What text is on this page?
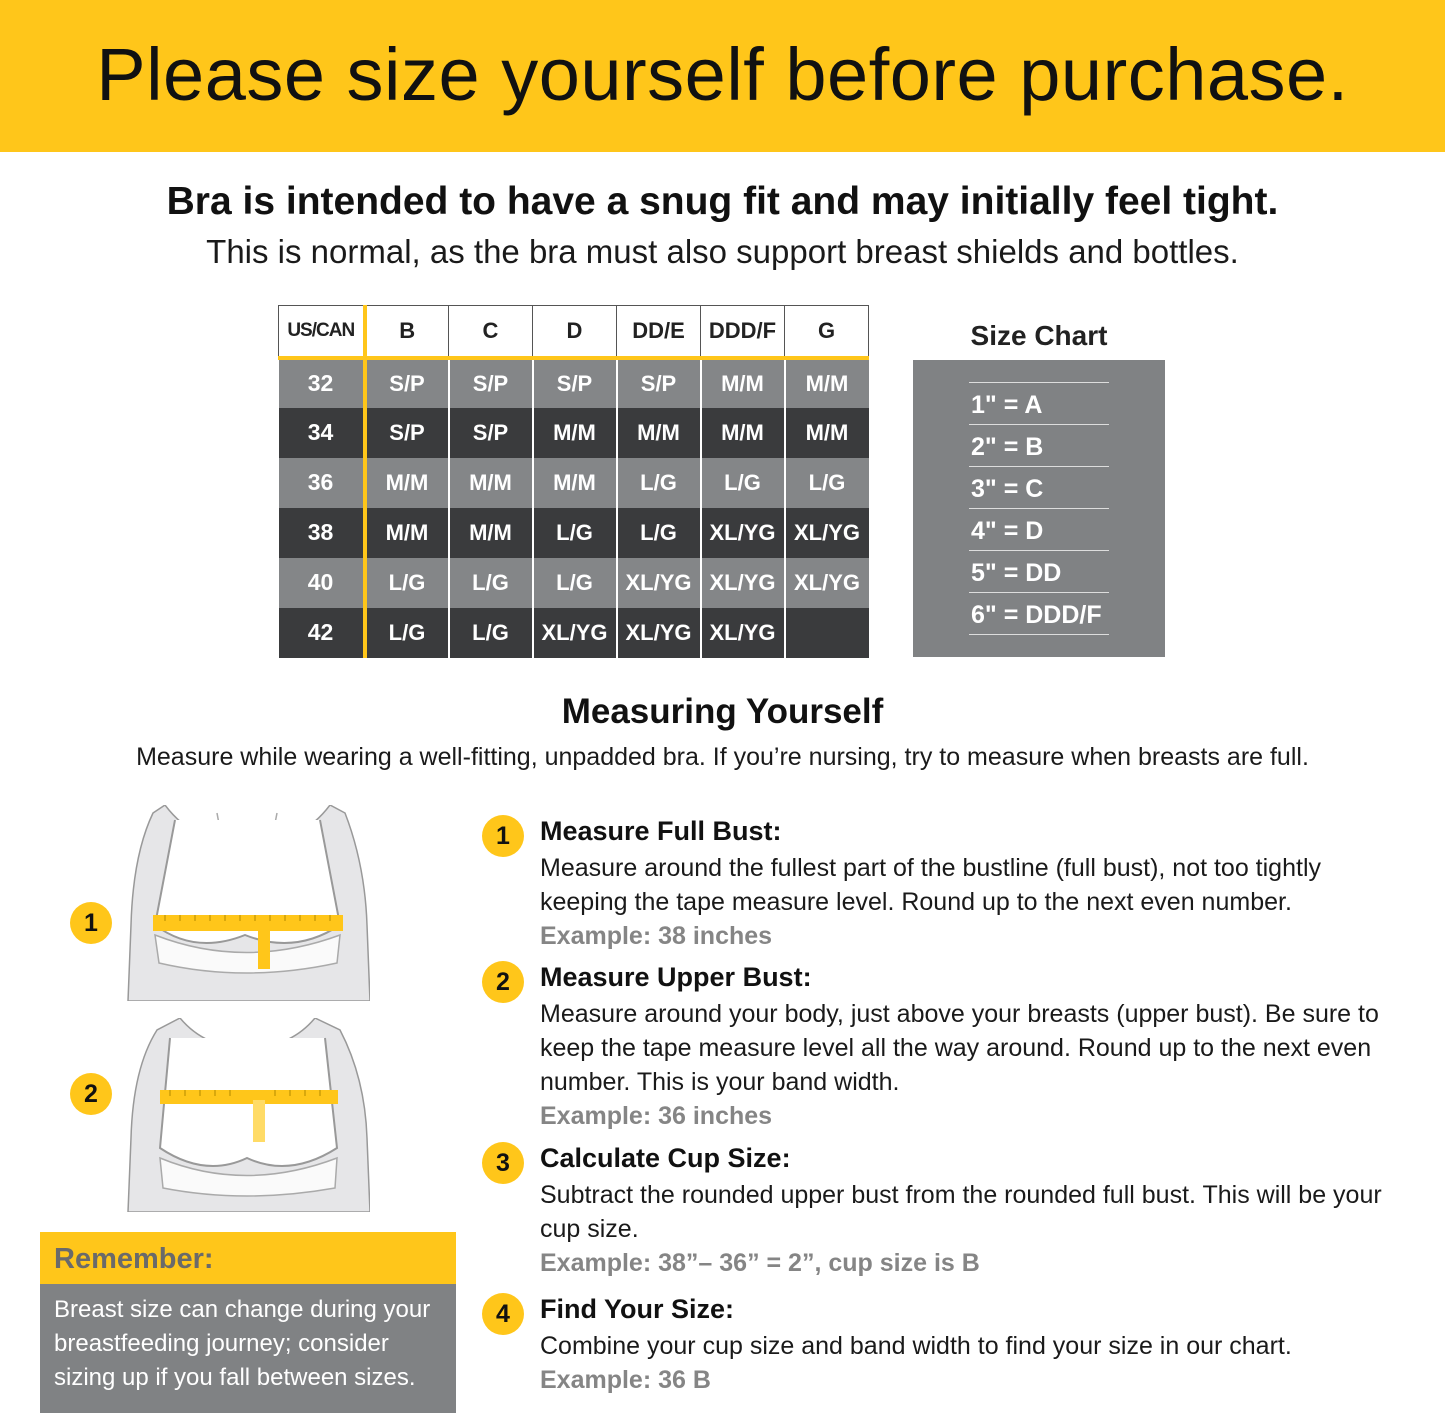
Please size yourself before purchase.
Bra is intended to have a snug fit and may initially feel tight.
This is normal, as the bra must also support breast shields and bottles.
US/CAN	B	C	D	DD/E	DDD/F	G
32	S/P	S/P	S/P	S/P	M/M	M/M
34	S/P	S/P	M/M	M/M	M/M	M/M
36	M/M	M/M	M/M	L/G	L/G	L/G
38	M/M	M/M	L/G	L/G	XL/YG	XL/YG
40	L/G	L/G	L/G	XL/YG	XL/YG	XL/YG
42	L/G	L/G	XL/YG	XL/YG	XL/YG	
Size Chart
1" = A
2" = B
3" = C
4" = D
5" = DD
6" = DDD/F
Measuring Yourself
Measure while wearing a well-fitting, unpadded bra. If you’re nursing, try to measure when breasts are full.
1
2
Remember:
Breast size can change during your breastfeeding journey; consider sizing up if you fall between sizes.
1	Measure Full Bust:
Measure around the fullest part of the bustline (full bust), not too tightly keeping the tape measure level. Round up to the next even number.
Example: 38 inches
2	Measure Upper Bust:
Measure around your body, just above your breasts (upper bust). Be sure to keep the tape measure level all the way around. Round up to the next even number. This is your band width.
Example: 36 inches
3	Calculate Cup Size:
Subtract the rounded upper bust from the rounded full bust. This will be your cup size.
Example: 38”– 36” = 2”, cup size is B
4	Find Your Size:
Combine your cup size and band width to find your size in our chart.
Example: 36 B
